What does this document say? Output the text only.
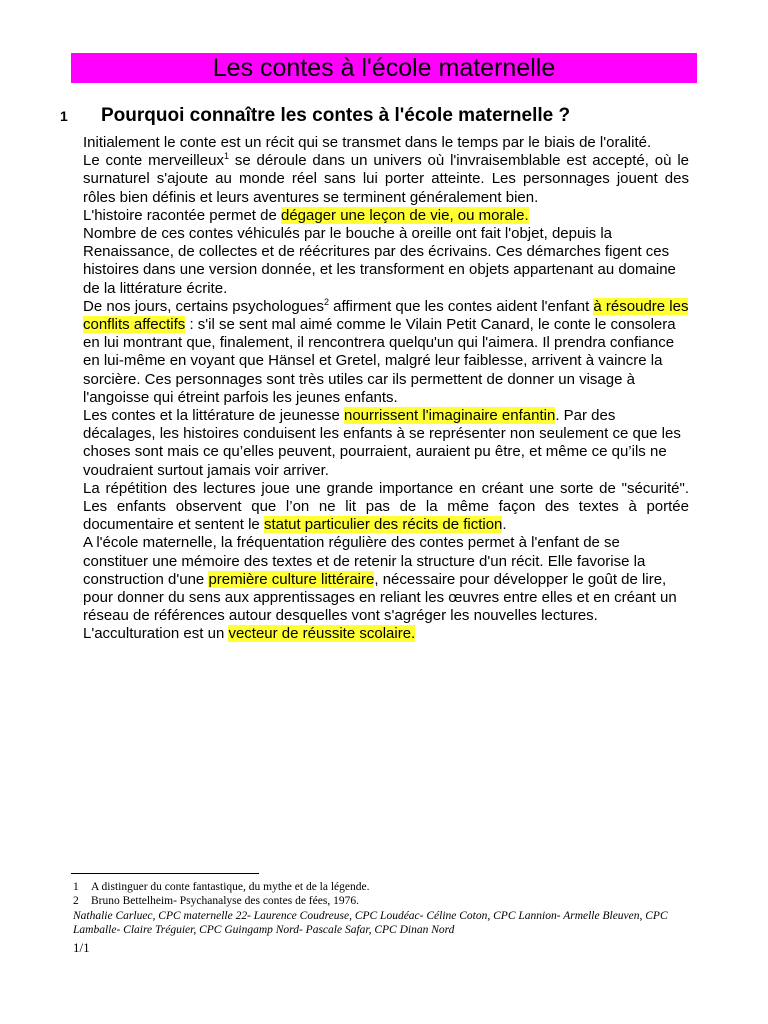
Les contes à l'école maternelle
1 Pourquoi connaître les contes à l'école maternelle ?

Initialement le conte est un récit qui se transmet dans le temps par le biais de l'oralité.

Le conte merveilleux$^1$ se déroule dans un univers où l'invraisemblable est accepté, où le surnaturel s'ajoute au monde réel sans lui porter atteinte. Les personnages jouent des rôles bien définis et leurs aventures se terminent généralement bien.

L'histoire racontée permet de dégager une leçon de vie, ou morale.

Nombre de ces contes véhiculés par le bouche à oreille ont fait l'objet, depuis la Renaissance, de collectes et de réécritures par des écrivains. Ces démarches figent ces histoires dans une version donnée, et les transforment en objets appartenant au domaine de la littérature écrite.

De nos jours, certains psychologues$^2$ affirment que les contes aident l'enfant à résoudre les conflits affectifs : s'il se sent mal aimé comme le Vilain Petit Canard, le conte le consolera en lui montrant que, finalement, il rencontrera quelqu'un qui l'aimera. Il prendra confiance en lui-même en voyant que Hänsel et Gretel, malgré leur faiblesse, arrivent à vaincre la sorcière. Ces personnages sont très utiles car ils permettent de donner un visage à l'angoisse qui étreint parfois les jeunes enfants.

Les contes et la littérature de jeunesse nourrissent l'imaginaire enfantin. Par des décalages, les histoires conduisent les enfants à se représenter non seulement ce que les choses sont mais ce qu’elles peuvent, pourraient, auraient pu être, et même ce qu’ils ne voudraient surtout jamais voir arriver.

La répétition des lectures joue une grande importance en créant une sorte de "sécurité". Les enfants observent que l’on ne lit pas de la même façon des textes à portée documentaire et sentent le statut particulier des récits de fiction.

A l'école maternelle, la fréquentation régulière des contes permet à l'enfant de se constituer une mémoire des textes et de retenir la structure d'un récit. Elle favorise la construction d'une première culture littéraire, nécessaire pour développer le goût de lire, pour donner du sens aux apprentissages en reliant les œuvres entre elles et en créant un réseau de références autour desquelles vont s'agréger les nouvelles lectures.

L'acculturation est un vecteur de réussite scolaire.

1 A distinguer du conte fantastique, du mythe et de la légende.

2 Bruno Bettelheim- Psychanalyse des contes de fées, 1976.

Nathalie Carluec, CPC maternelle 22- Laurence Coudreuse, CPC Loudéac- Céline Coton, CPC Lannion- Armelle Bleuven, CPC Lamballe- Claire Tréguier, CPC Guingamp Nord- Pascale Safar, CPC Dinan Nord

1/1
